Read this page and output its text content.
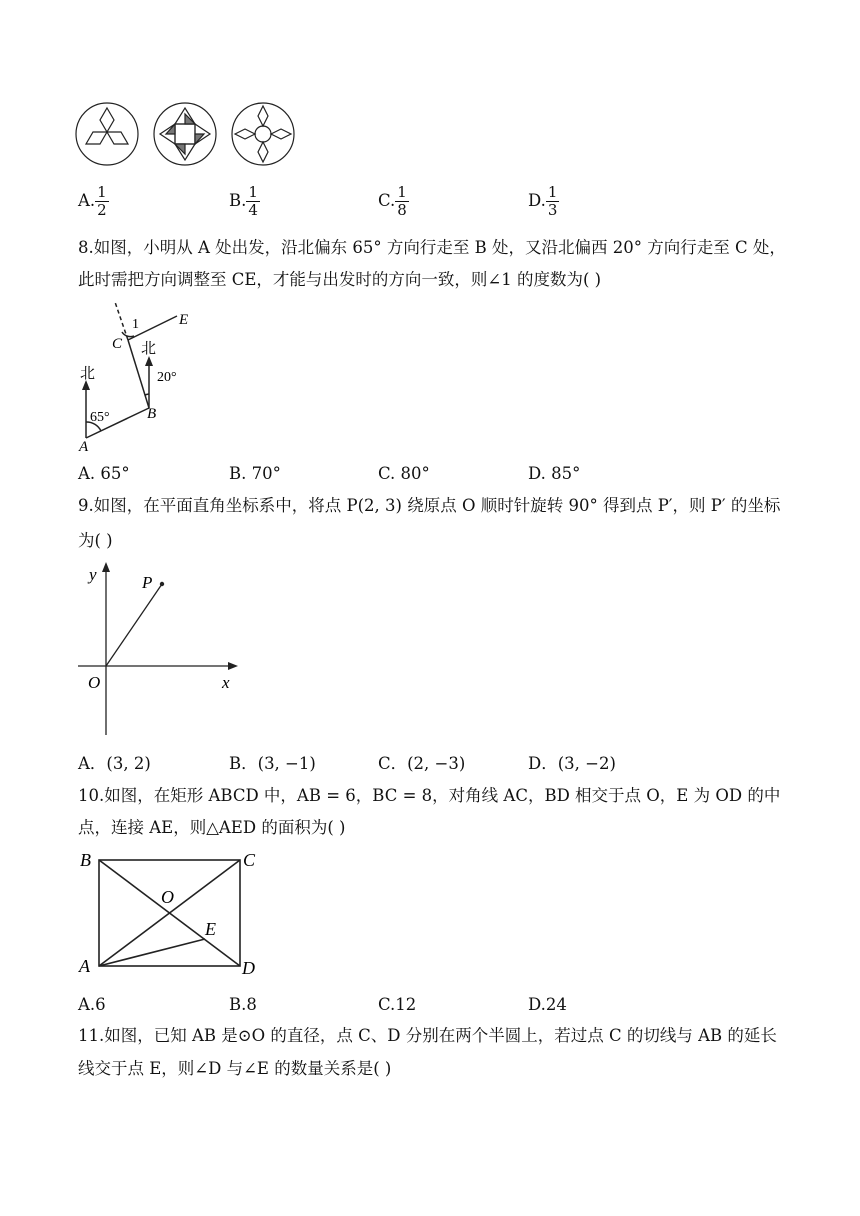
A. $\frac{1}{2}$	B. $\frac{1}{4}$	C. $\frac{1}{8}$	D. $\frac{1}{3}$
8.如图，小明从 A 处出发，沿北偏东 65° 方向行走至 B 处，又沿北偏西 20° 方向行走至 C 处，
此时需把方向调整至 CE，才能与出发时的方向一致，则∠1 的度数为( )
北
北
65°
20°
1
A
B
C
E
A. 65°	B. 70°	C. 80°	D. 85°
9.如图，在平面直角坐标系中，将点 P(2, 3) 绕原点 O 顺时针旋转 90° 得到点 P′，则 P′ 的坐标
为( )
y
x
O
P
A．(3, 2)	B．(3, −1)	C．(2, −3)	D．(3, −2)
10.如图，在矩形 ABCD 中，AB = 6，BC = 8，对角线 AC，BD 相交于点 O，E 为 OD 的中
点，连接 AE，则△AED 的面积为( )
B	C
A	D
O
E
A.6	B.8	C.12	D.24
11.如图，已知 AB 是⊙O 的直径，点 C、D 分别在两个半圆上，若过点 C 的切线与 AB 的延长
线交于点 E，则∠D 与∠E 的数量关系是( )
